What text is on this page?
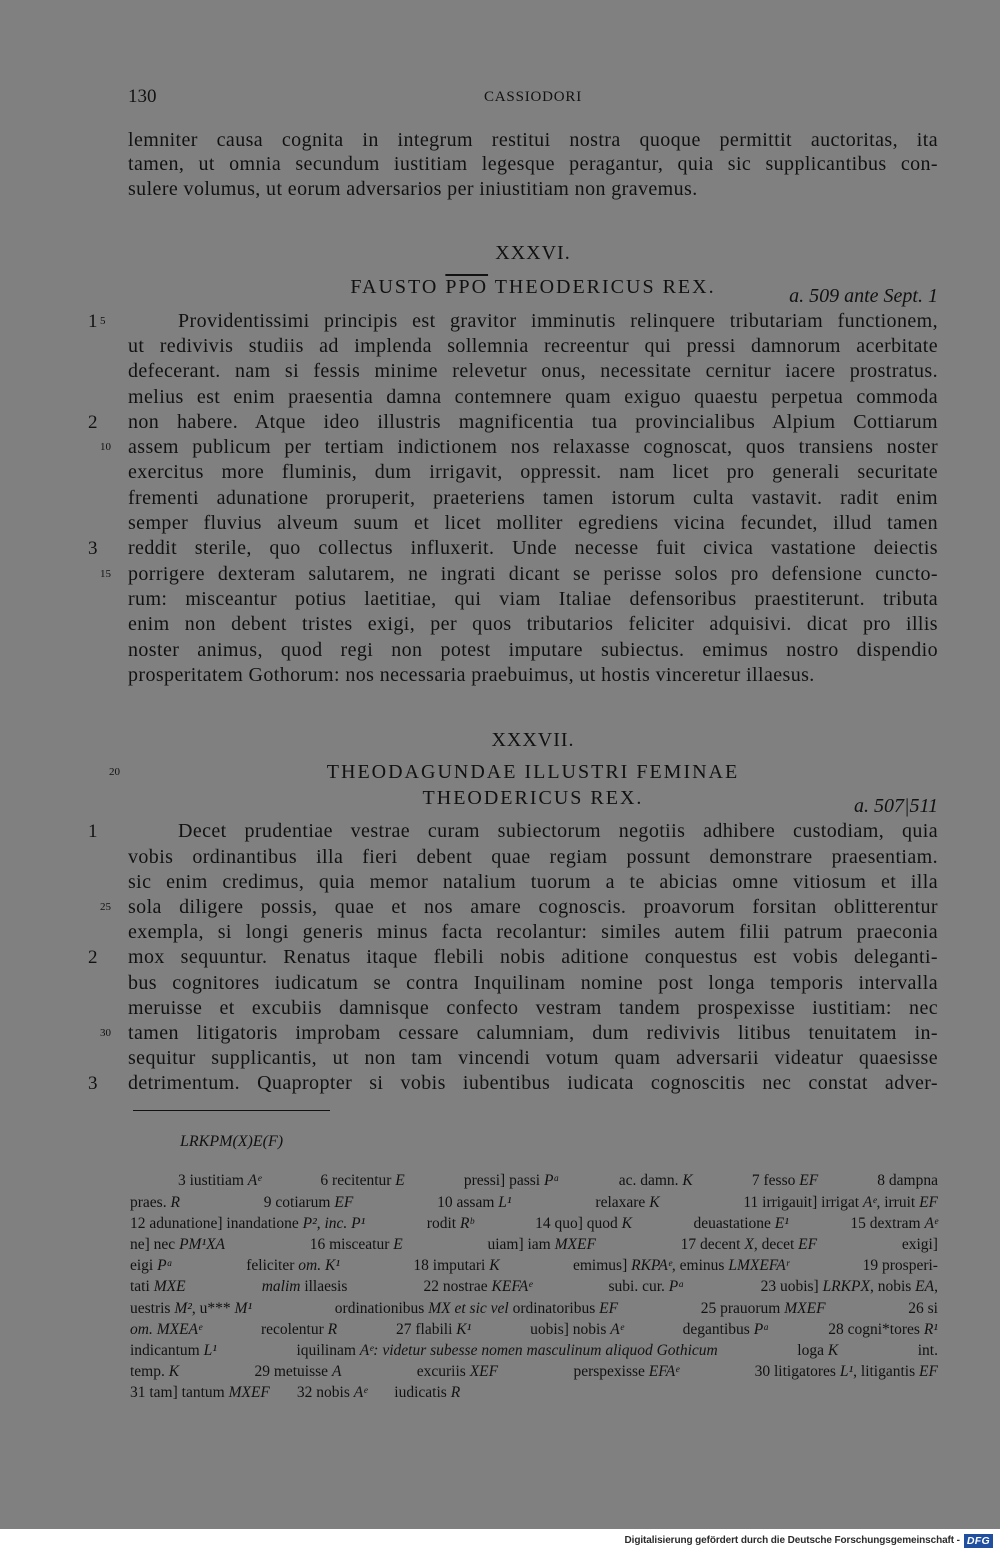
130	CASSIODORI
lemniter causa cognita in integrum restitui nostra quoque permittit auctoritas, ita
tamen, ut omnia secundum iustitiam legesque peragantur, quia sic supplicantibus con-
sulere volumus, ut eorum adversarios per iniustitiam non gravemus.
XXXVI.
FAUSTO $\overline{PPO}$ THEODERICUS REX.	a. 509 ante Sept. 1
1 5	Providentissimi principis est gravitor imminutis relinquere tributariam functionem,
ut redivivis studiis ad implenda sollemnia recreentur qui pressi damnorum acerbitate
defecerant. nam si fessis minime relevetur onus, necessitate cernitur iacere prostratus.
melius est enim praesentia damna contemnere quam exiguo quaestu perpetua commoda
2 non habere. Atque ideo illustris magnificentia tua provincialibus Alpium Cottiarum
10 assem publicum per tertiam indictionem nos relaxasse cognoscat, quos transiens noster
exercitus more fluminis, dum irrigavit, oppressit. nam licet pro generali securitate
frementi adunatione proruperit, praeteriens tamen istorum culta vastavit. radit enim
semper fluvius alveum suum et licet molliter egrediens vicina fecundet, illud tamen
3 reddit sterile, quo collectus influxerit. Unde necesse fuit civica vastatione deiectis
15 porrigere dexteram salutarem, ne ingrati dicant se perisse solos pro defensione cuncto-
rum: misceantur potius laetitiae, qui viam Italiae defensoribus praestiterunt. tributa
enim non debent tristes exigi, per quos tributarios feliciter adquisivi. dicat pro illis
noster animus, quod regi non potest imputare subiectus. emimus nostro dispendio
prosperitatem Gothorum: nos necessaria praebuimus, ut hostis vinceretur illaesus.
XXXVII.
20	THEODAGUNDAE ILLUSTRI FEMINAE
THEODERICUS REX.	a. 507|511
1	Decet prudentiae vestrae curam subiectorum negotiis adhibere custodiam, quia
vobis ordinantibus illa fieri debent quae regiam possunt demonstrare praesentiam.
sic enim credimus, quia memor natalium tuorum a te abicias omne vitiosum et illa
25 sola diligere possis, quae et nos amare cognoscis. proavorum forsitan oblitterentur
exempla, si longi generis minus facta recolantur: similes autem filii patrum praeconia
2 mox sequuntur. Renatus itaque flebili nobis aditione conquestus est vobis deleganti-
bus cognitores iudicatum se contra Inquilinam nomine post longa temporis intervalla
meruisse et excubiis damnisque confecto vestram tandem prospexisse iustitiam: nec
30 tamen litigatoris improbam cessare calumniam, dum redivivis litibus tenuitatem in-
sequitur supplicantis, ut non tam vincendi votum quam adversarii videatur quaesisse
3 detrimentum. Quapropter si vobis iubentibus iudicata cognoscitis nec constat adver-
LRKPM(X)E(F)
3 iustitiam Aᵉ	6 recitentur E	pressi] passi Pᵃ	ac. damn. K	7 fesso EF	8 dampna
praes. R	9 cotiarum EF	10 assam L¹	relaxare K	11 irrigauit] irrigat Aᵉ, irruit EF
12 adunatione] inandatione P², inc. P¹	rodit Rᵇ	14 quo] quod K	deuastatione E¹	15 dextram Aᵉ
ne] nec PM¹XA	16 misceatur E	uiam] iam MXEF	17 decent X, decet EF	exigi]
eigi Pᵃ	feliciter om. K¹	18 imputari K	emimus] RKPAᵉ, eminus LMXEFAʳ	19 prosperi-
tati MXE	malim illaesis	22 nostrae KEFAᵉ	subi. cur. Pᵃ	23 uobis] LRKPX, nobis EA,
uestris M², u*** M¹	ordinationibus MX et sic vel ordinatoribus EF	25 prauorum MXEF	26 si
om. MXEAᵉ	recolentur R	27 flabili K¹	uobis] nobis Aᵉ	degantibus Pᵃ	28 cogni*tores R¹
indicantum L¹	iquilinam Aᵉ: videtur subesse nomen masculinum aliquod Gothicum	loga K	int.
temp. K	29 metuisse A	excuriis XEF	perspexisse EFAᵉ	30 litigatores L¹, litigantis EF
31 tam] tantum MXEF 32 nobis Aᵉ iudicatis R
Digitalisierung gefördert durch die Deutsche Forschungsgemeinschaft - DFG
